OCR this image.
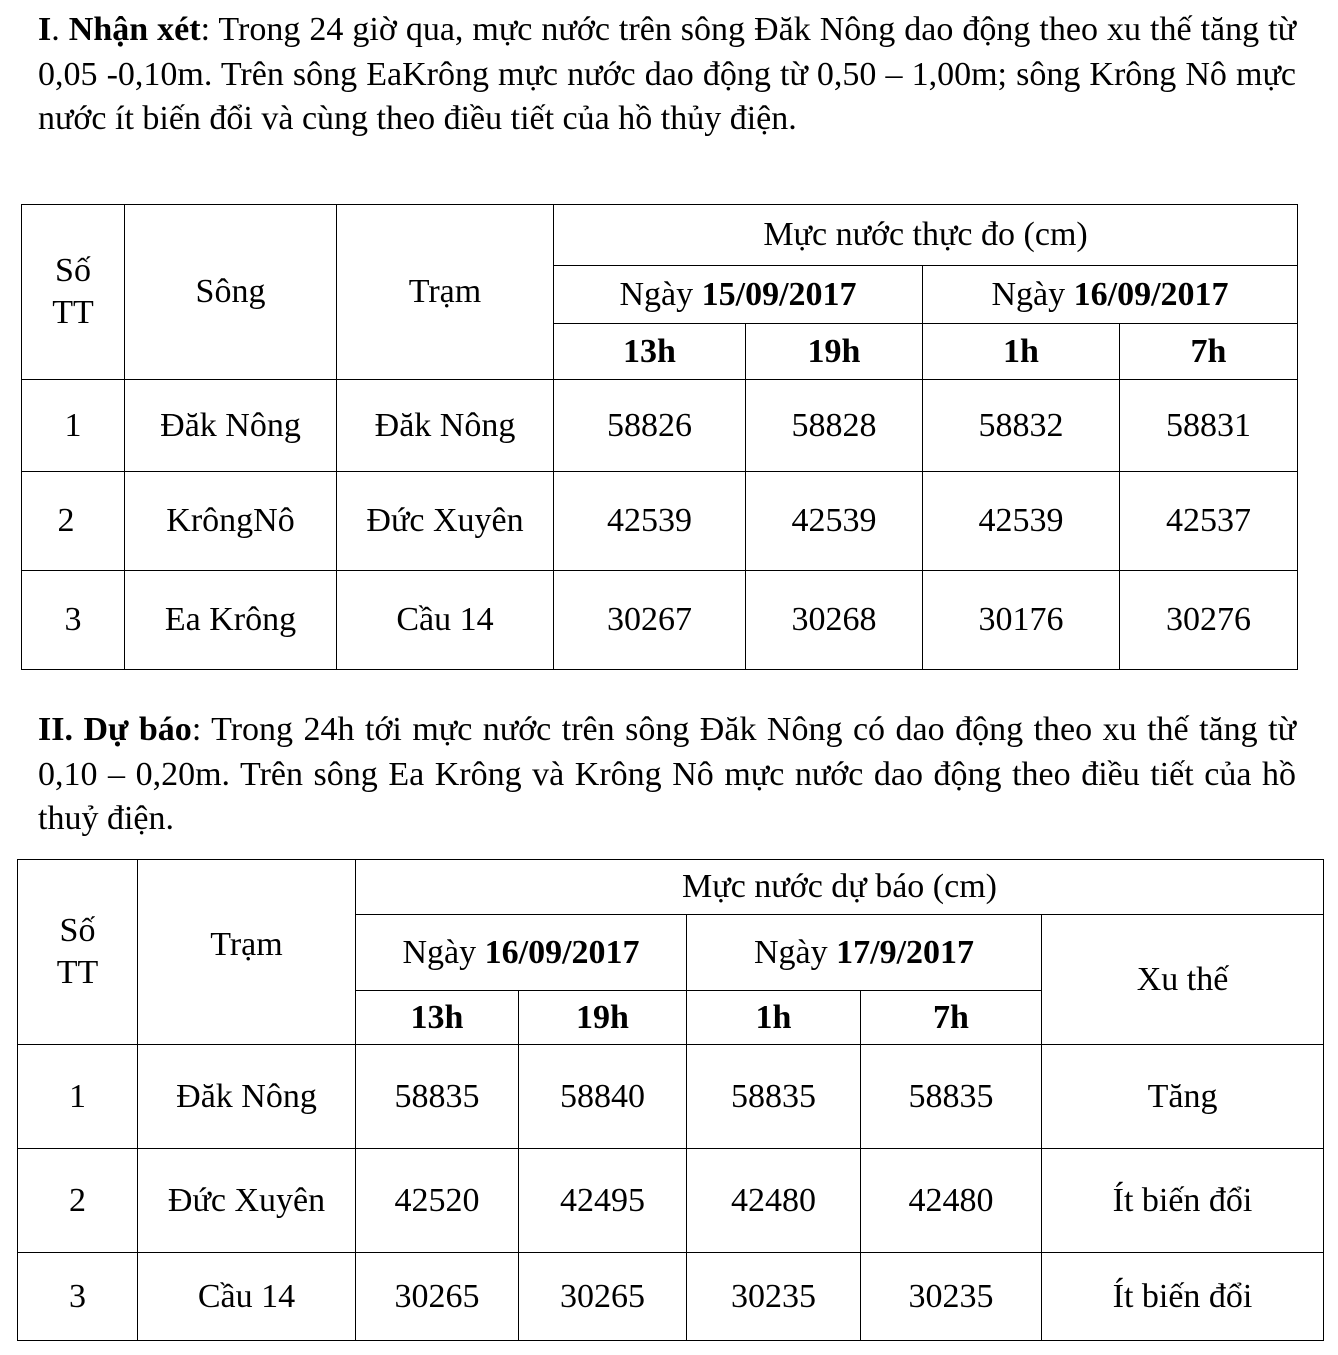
I. Nhận xét: Trong 24 giờ qua, mực nước trên sông Đăk Nông dao động theo xu thế tăng từ 0,05 -0,10m. Trên sông EaKrông mực nước dao động từ 0,50 – 1,00m; sông Krông Nô mực nước ít biến đổi và cùng theo điều tiết của hồ thủy điện.

Số TT	Sông	Trạm	Mực nước thực đo (cm)			
			Ngày 15/09/2017		Ngày 16/09/2017	
			13h	19h	1h	7h
1	Đăk Nông	Đăk Nông	58826	58828	58832	58831
2	KrôngNô	Đức Xuyên	42539	42539	42539	42537
3	Ea Krông	Cầu 14	30267	30268	30176	30276

II. Dự báo: Trong 24h tới mực nước trên sông Đăk Nông có dao động theo xu thế tăng từ 0,10 – 0,20m. Trên sông Ea Krông và Krông Nô mực nước dao động theo điều tiết của hồ thuỷ điện.

Số TT	Trạm	Mực nước dự báo (cm)				
		Ngày 16/09/2017		Ngày 17/9/2017		Xu thế
		13h	19h	1h	7h	
1	Đăk Nông	58835	58840	58835	58835	Tăng
2	Đức Xuyên	42520	42495	42480	42480	Ít biến đổi
3	Cầu 14	30265	30265	30235	30235	Ít biến đổi
